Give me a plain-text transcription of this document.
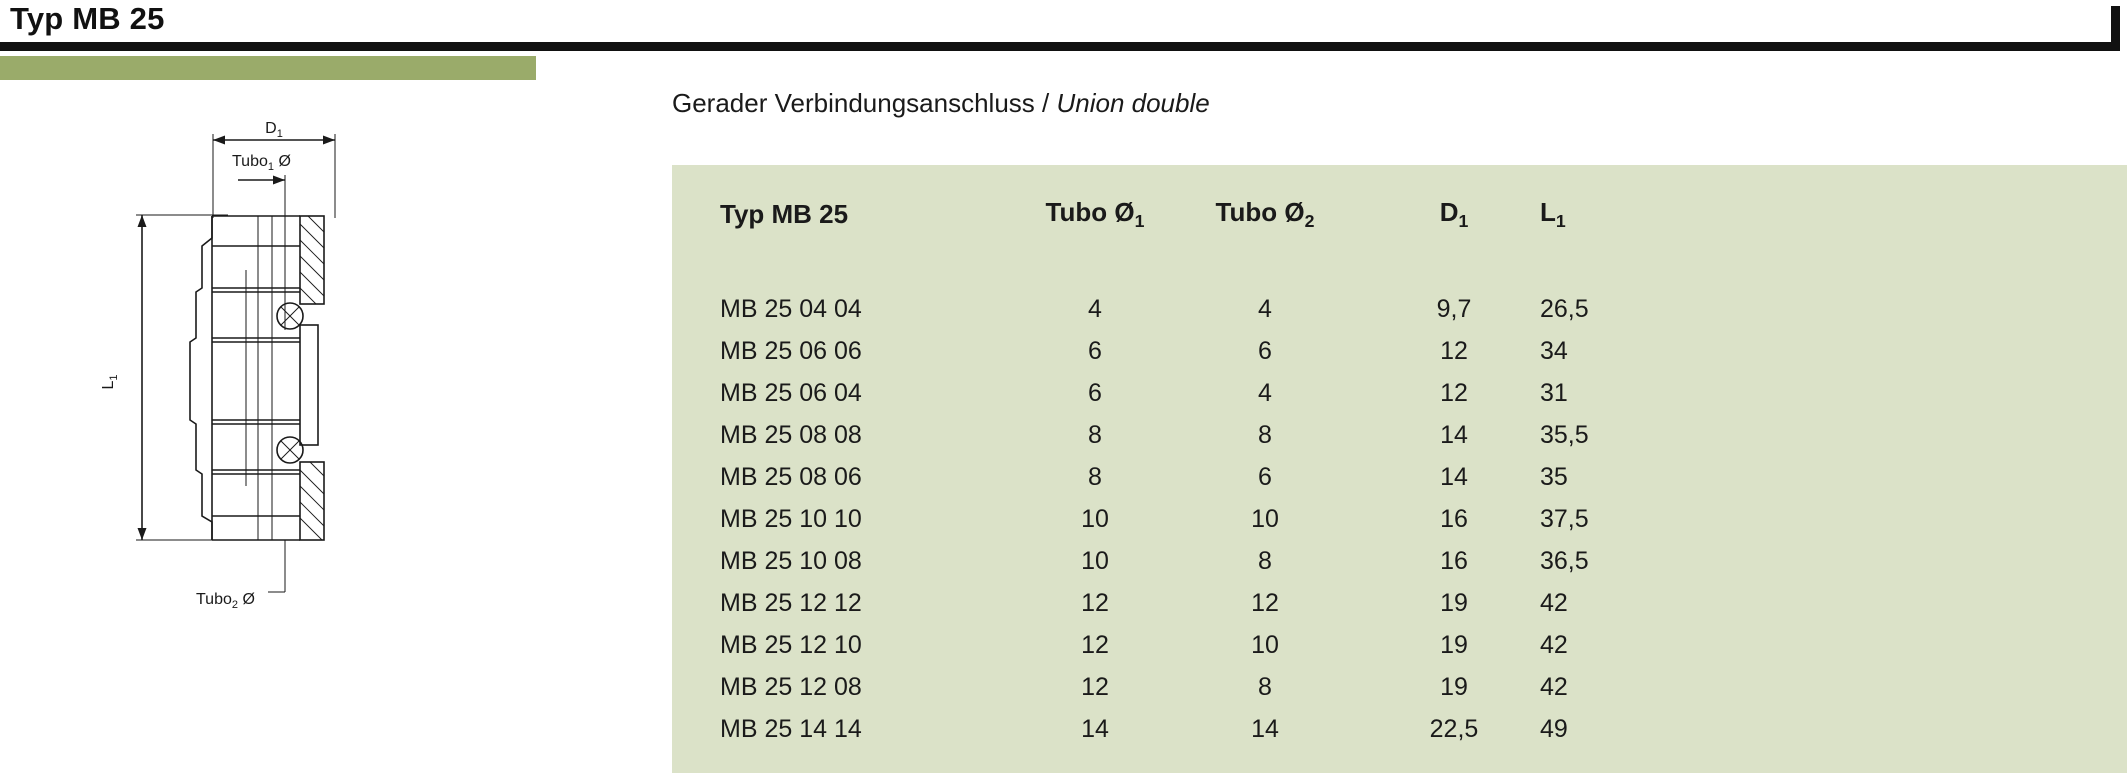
Typ MB 25
$D_1$
Tubo$_1$ Ø
$L_1$
Tubo$_2$ Ø
Gerader Verbindungsanschluss / Union double
Typ MB 25	Tubo $Ø_1$	Tubo $Ø_2$	$D_1$	$L_1$
MB 25 04 04	4	4	9,7	26,5
MB 25 06 06	6	6	12	34
MB 25 06 04	6	4	12	31
MB 25 08 08	8	8	14	35,5
MB 25 08 06	8	6	14	35
MB 25 10 10	10	10	16	37,5
MB 25 10 08	10	8	16	36,5
MB 25 12 12	12	12	19	42
MB 25 12 10	12	10	19	42
MB 25 12 08	12	8	19	42
MB 25 14 14	14	14	22,5	49
